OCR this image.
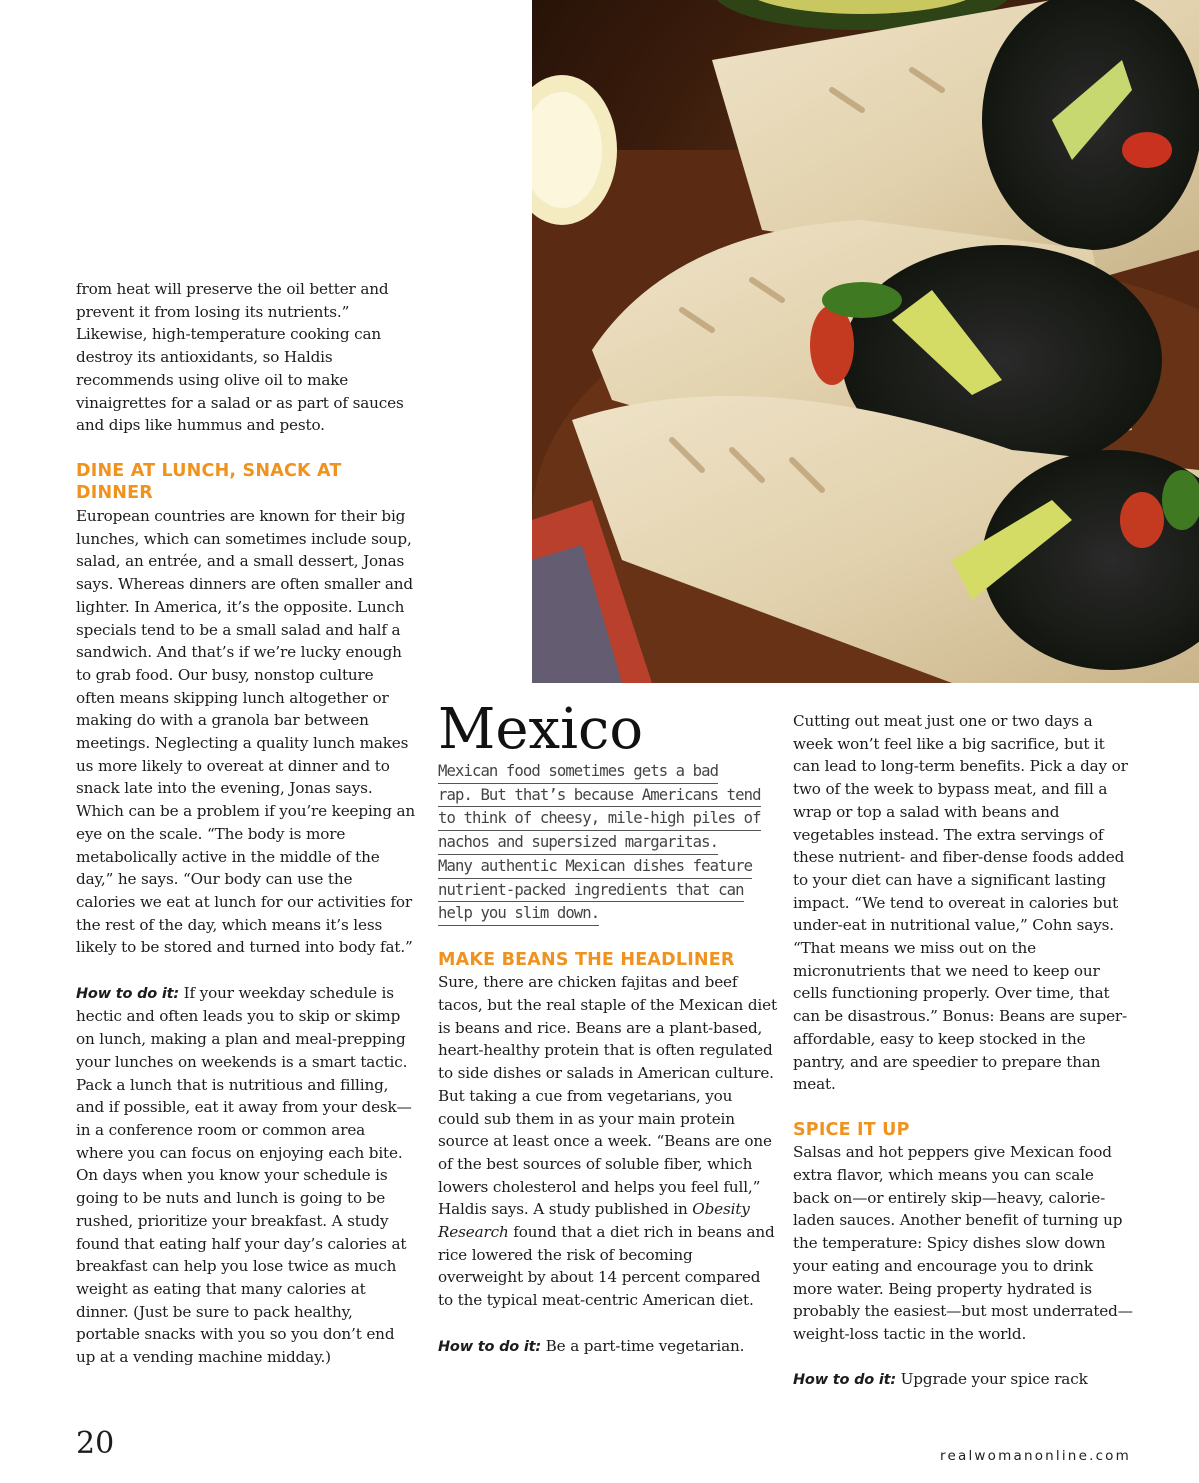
from heat will preserve the oil better and prevent it from losing its nutrients.” Likewise, high-temperature cooking can destroy its antioxidants, so Haldis recommends using olive oil to make vinaigrettes for a salad or as part of sauces and dips like hummus and pesto.

DINE AT LUNCH, SNACK AT DINNER

European countries are known for their big lunches, which can sometimes include soup, salad, an entrée, and a small dessert, Jonas says. Whereas dinners are often smaller and lighter. In America, it’s the opposite. Lunch specials tend to be a small salad and half a sandwich. And that’s if we’re lucky enough to grab food. Our busy, nonstop culture often means skipping lunch altogether or making do with a granola bar between meetings. Neglecting a quality lunch makes us more likely to overeat at dinner and to snack late into the evening, Jonas says. Which can be a problem if you’re keeping an eye on the scale. “The body is more metabolically active in the middle of the day,” he says. “Our body can use the calories we eat at lunch for our activities for the rest of the day, which means it’s less likely to be stored and turned into body fat.”

How to do it: If your weekday schedule is hectic and often leads you to skip or skimp on lunch, making a plan and meal-prepping your lunches on weekends is a smart tactic. Pack a lunch that is nutritious and filling, and if possible, eat it away from your desk—in a conference room or common area where you can focus on enjoying each bite. On days when you know your schedule is going to be nuts and lunch is going to be rushed, prioritize your breakfast. A study found that eating half your day’s calories at breakfast can help you lose twice as much weight as eating that many calories at dinner. (Just be sure to pack healthy, portable snacks with you so you don’t end up at a vending machine midday.)

Mexico
Mexican food sometimes gets a bad
rap. But that’s because Americans tend
to think of cheesy, mile-high piles of
nachos and supersized margaritas.
Many authentic Mexican dishes feature
nutrient-packed ingredients that can
help you slim down.
MAKE BEANS THE HEADLINER

Sure, there are chicken fajitas and beef tacos, but the real staple of the Mexican diet is beans and rice. Beans are a plant-based, heart-healthy protein that is often regulated to side dishes or salads in American culture. But taking a cue from vegetarians, you could sub them in as your main protein source at least once a week. “Beans are one of the best sources of soluble fiber, which lowers cholesterol and helps you feel full,” Haldis says. A study published in Obesity Research found that a diet rich in beans and rice lowered the risk of becoming overweight by about 14 percent compared to the typical meat-centric American diet.

How to do it: Be a part-time vegetarian.

Cutting out meat just one or two days a week won’t feel like a big sacrifice, but it can lead to long-term benefits. Pick a day or two of the week to bypass meat, and fill a wrap or top a salad with beans and vegetables instead. The extra servings of these nutrient- and fiber-dense foods added to your diet can have a significant lasting impact. “We tend to overeat in calories but under-eat in nutritional value,” Cohn says. “That means we miss out on the micronutrients that we need to keep our cells functioning properly. Over time, that can be disastrous.” Bonus: Beans are super-affordable, easy to keep stocked in the pantry, and are speedier to prepare than meat.

SPICE IT UP

Salsas and hot peppers give Mexican food extra flavor, which means you can scale back on—or entirely skip—heavy, calorie-laden sauces. Another benefit of turning up the temperature: Spicy dishes slow down your eating and encourage you to drink more water. Being property hydrated is probably the easiest—but most underrated—weight-loss tactic in the world.

How to do it: Upgrade your spice rack

20	realwomanonline.com
